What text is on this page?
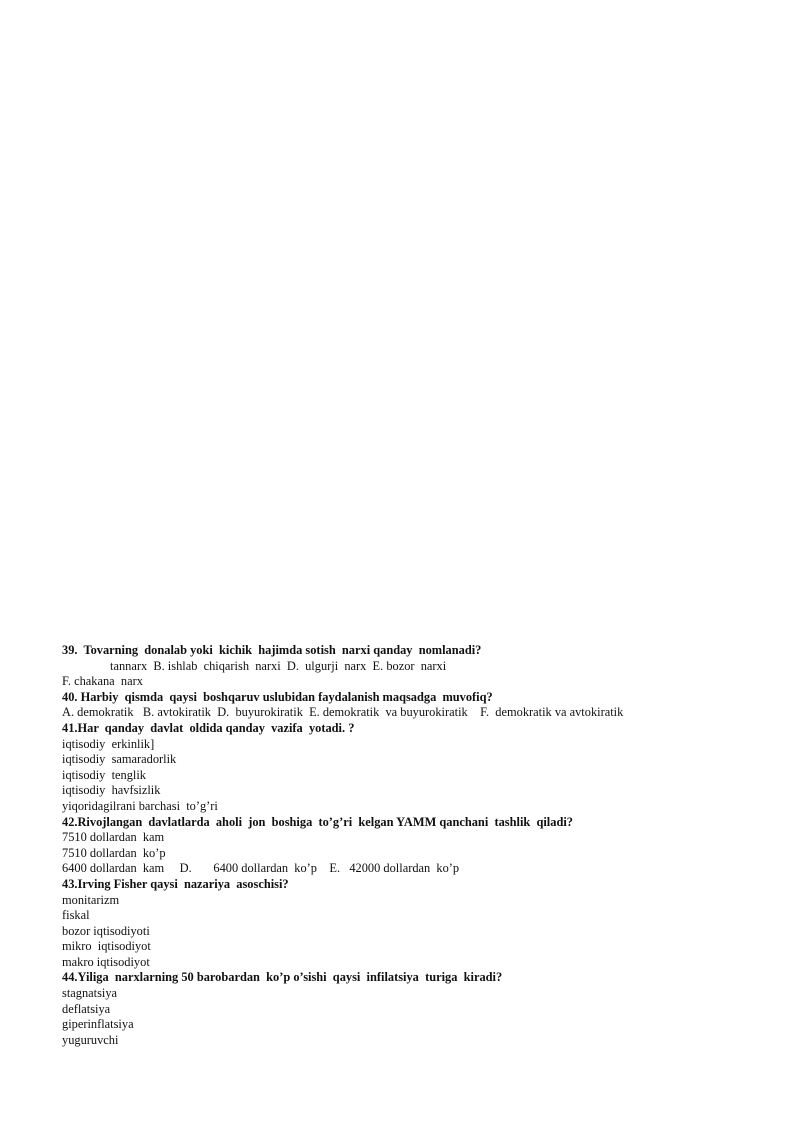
39.  Tovarning  donalab yoki  kichik  hajimda sotish  narxi qanday  nomlanadi?
tannarx  B. ishlab  chiqarish  narxi  D.  ulgurji  narx  E. bozor  narxi
F. chakana  narx
40. Harbiy  qismda  qaysi  boshqaruv uslubidan faydalanish maqsadga  muvofiq?
A. demokratik   B. avtokiratik  D.  buyurokiratik  E. demokratik  va buyurokiratik    F.  demokratik va avtokiratik
41.Har  qanday  davlat  oldida qanday  vazifa  yotadi. ?
iqtisodiy  erkinlik]
iqtisodiy  samaradorlik
iqtisodiy  tenglik
iqtisodiy  havfsizlik
yiqoridagilrani barchasi  to’g’ri
42.Rivojlangan  davlatlarda  aholi  jon  boshiga  to’g’ri  kelgan YAMM qanchani  tashlik  qiladi?
7510 dollardan  kam
7510 dollardan  ko’p
6400 dollardan  kam     D.       6400 dollardan  ko’p    E.   42000 dollardan  ko’p
43.Irving Fisher qaysi  nazariya  asoschisi?
monitarizm
fiskal
bozor iqtisodiyoti
mikro  iqtisodiyot
makro iqtisodiyot
44.Yiliga  narxlarning 50 barobardan  ko’p o’sishi  qaysi  infilatsiya  turiga  kiradi?
stagnatsiya
deflatsiya
giperinflatsiya
yuguruvchi
